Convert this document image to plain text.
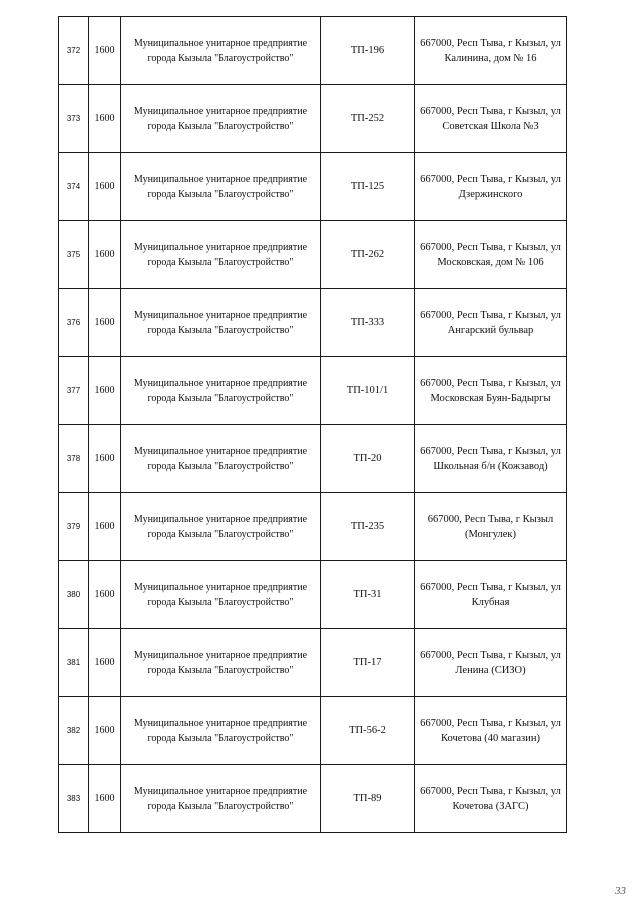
372	1600	Муниципальное унитарное предприятие города Кызыла "Благоустройство"	ТП-196	667000, Респ Тыва, г Кызыл, ул Калинина, дом № 16
373	1600	Муниципальное унитарное предприятие города Кызыла "Благоустройство"	ТП-252	667000, Респ Тыва, г Кызыл, ул Советская Школа №3
374	1600	Муниципальное унитарное предприятие города Кызыла "Благоустройство"	ТП-125	667000, Респ Тыва, г Кызыл, ул Дзержинского
375	1600	Муниципальное унитарное предприятие города Кызыла "Благоустройство"	ТП-262	667000, Респ Тыва, г Кызыл, ул Московская, дом № 106
376	1600	Муниципальное унитарное предприятие города Кызыла "Благоустройство"	ТП-333	667000, Респ Тыва, г Кызыл, ул Ангарский бульвар
377	1600	Муниципальное унитарное предприятие города Кызыла "Благоустройство"	ТП-101/1	667000, Респ Тыва, г Кызыл, ул Московская Буян-Бадыргы
378	1600	Муниципальное унитарное предприятие города Кызыла "Благоустройство"	ТП-20	667000, Респ Тыва, г Кызыл, ул Школьная б/н (Кожзавод)
379	1600	Муниципальное унитарное предприятие города Кызыла "Благоустройство"	ТП-235	667000, Респ Тыва, г Кызыл (Монгулек)
380	1600	Муниципальное унитарное предприятие города Кызыла "Благоустройство"	ТП-31	667000, Респ Тыва, г Кызыл, ул Клубная
381	1600	Муниципальное унитарное предприятие города Кызыла "Благоустройство"	ТП-17	667000, Респ Тыва, г Кызыл, ул Ленина (СИЗО)
382	1600	Муниципальное унитарное предприятие города Кызыла "Благоустройство"	ТП-56-2	667000, Респ Тыва, г Кызыл, ул Кочетова (40 магазин)
383	1600	Муниципальное унитарное предприятие города Кызыла "Благоустройство"	ТП-89	667000, Респ Тыва, г Кызыл, ул Кочетова (ЗАГС)
33
